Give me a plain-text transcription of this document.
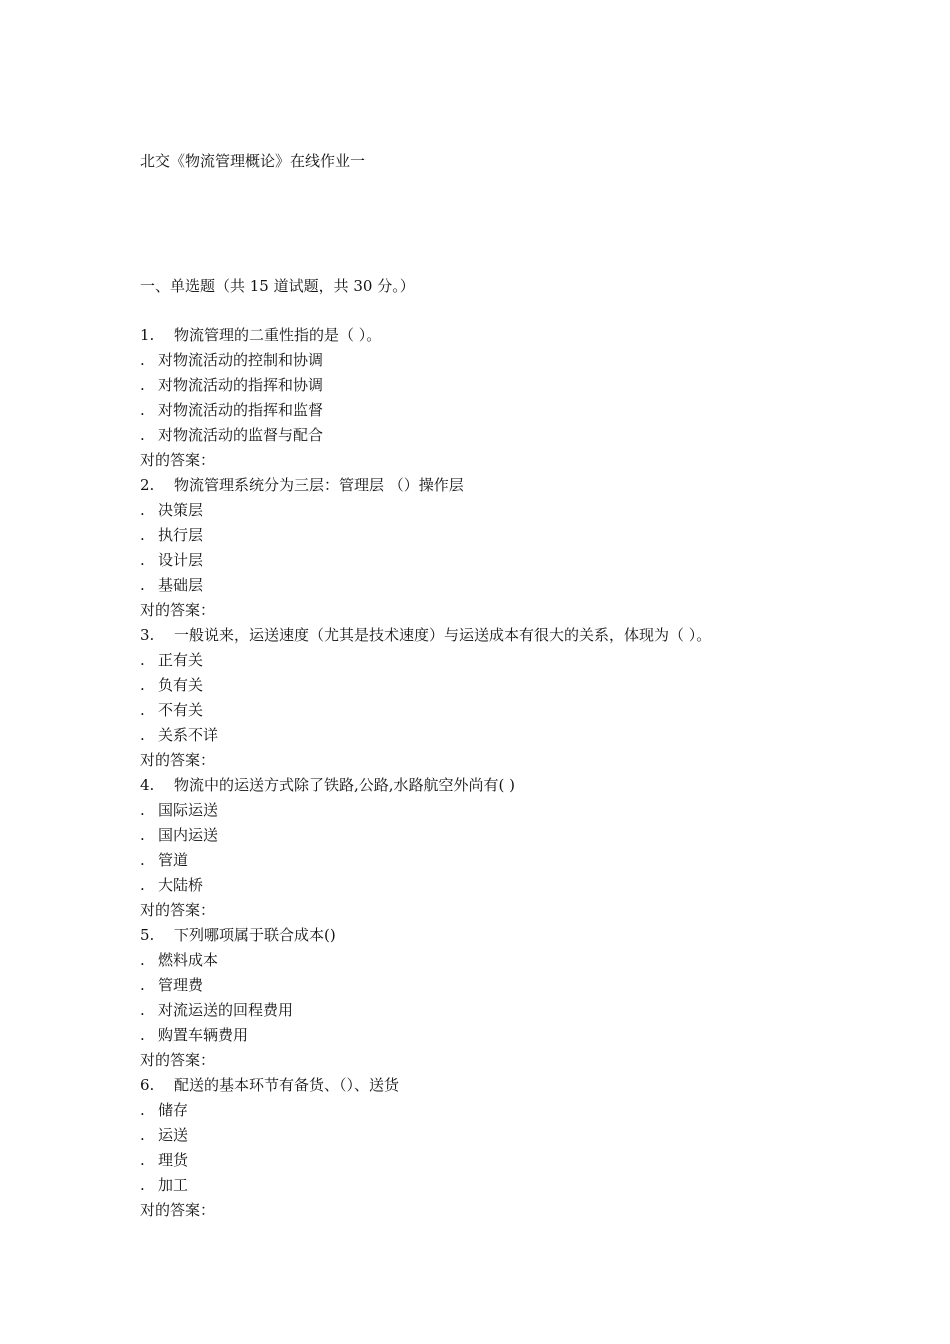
北交《物流管理概论》在线作业一
一、单选题（共 15 道试题，共 30 分。）
1. 物流管理的二重性指的是（ ）。
. 对物流活动的控制和协调
. 对物流活动的指挥和协调
. 对物流活动的指挥和监督
. 对物流活动的监督与配合
对的答案：
2. 物流管理系统分为三层：管理层 （）操作层
. 决策层
. 执行层
. 设计层
. 基础层
对的答案：
3. 一般说来，运送速度（尤其是技术速度）与运送成本有很大的关系，体现为（ ）。
. 正有关
. 负有关
. 不有关
. 关系不详
对的答案：
4. 物流中的运送方式除了铁路,公路,水路航空外尚有( )
. 国际运送
. 国内运送
. 管道
. 大陆桥
对的答案：
5. 下列哪项属于联合成本()
. 燃料成本
. 管理费
. 对流运送的回程费用
. 购置车辆费用
对的答案：
6. 配送的基本环节有备货、（）、送货
. 储存
. 运送
. 理货
. 加工
对的答案：
